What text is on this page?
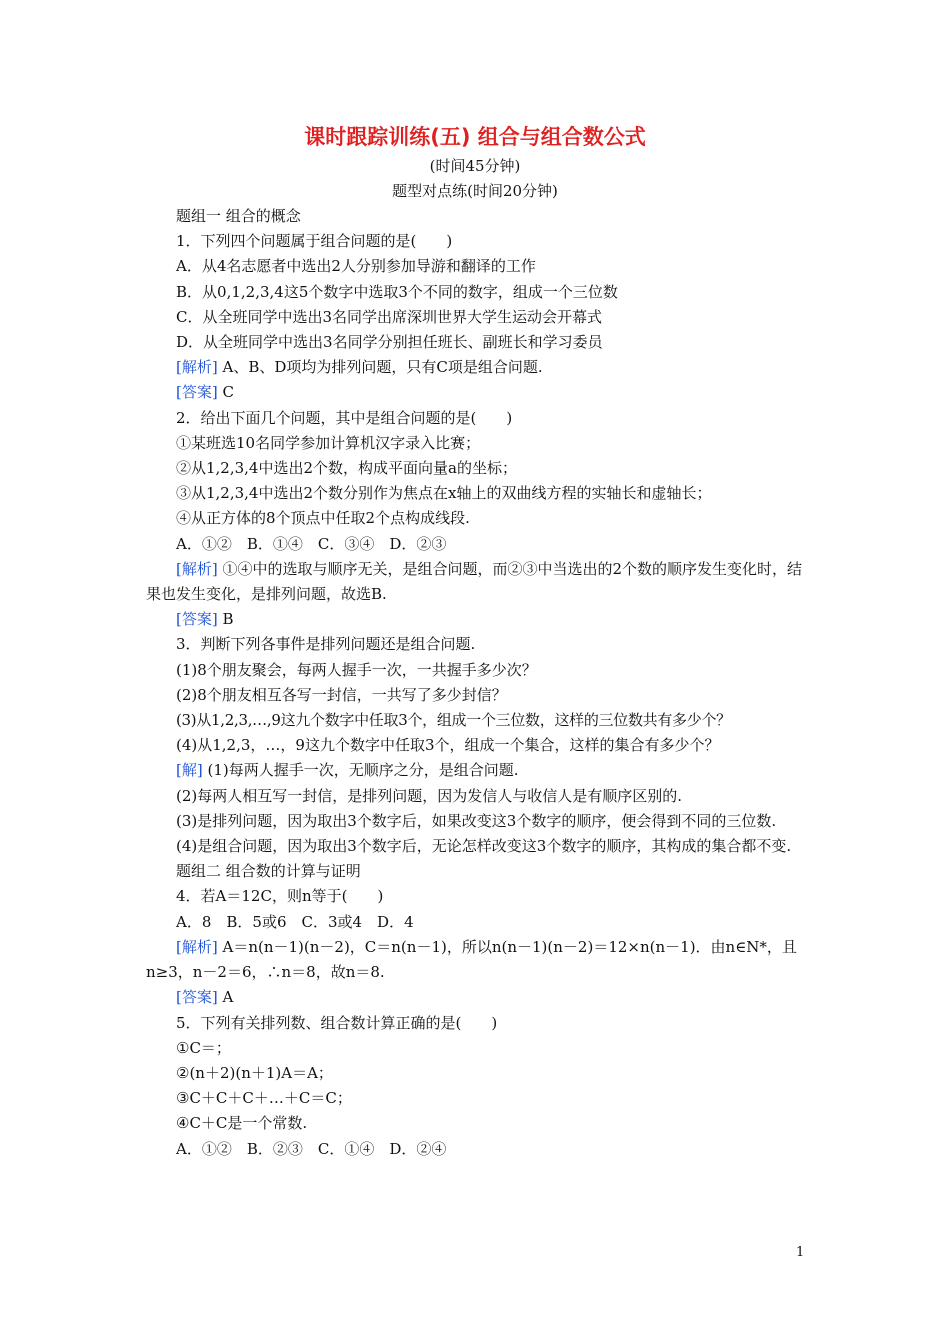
课时跟踪训练(五) 组合与组合数公式
(时间45分钟)
题型对点练(时间20分钟)
题组一 组合的概念
1．下列四个问题属于组合问题的是(　　)
A．从4名志愿者中选出2人分别参加导游和翻译的工作
B．从0,1,2,3,4这5个数字中选取3个不同的数字，组成一个三位数
C．从全班同学中选出3名同学出席深圳世界大学生运动会开幕式
D．从全班同学中选出3名同学分别担任班长、副班长和学习委员
[解析] A、B、D项均为排列问题，只有C项是组合问题.
[答案] C
2．给出下面几个问题，其中是组合问题的是(　　)
①某班选10名同学参加计算机汉字录入比赛；
②从1,2,3,4中选出2个数，构成平面向量a的坐标；
③从1,2,3,4中选出2个数分别作为焦点在x轴上的双曲线方程的实轴长和虚轴长；
④从正方体的8个顶点中任取2个点构成线段.
A．①②　B．①④　C．③④　D．②③
[解析] ①④中的选取与顺序无关，是组合问题，而②③中当选出的2个数的顺序发生变化时，结果也发生变化，是排列问题，故选B.
[答案] B
3．判断下列各事件是排列问题还是组合问题.
(1)8个朋友聚会，每两人握手一次，一共握手多少次？
(2)8个朋友相互各写一封信，一共写了多少封信？
(3)从1,2,3,…,9这九个数字中任取3个，组成一个三位数，这样的三位数共有多少个？
(4)从1,2,3，…，9这九个数字中任取3个，组成一个集合，这样的集合有多少个？
[解] (1)每两人握手一次，无顺序之分，是组合问题.
(2)每两人相互写一封信，是排列问题，因为发信人与收信人是有顺序区别的.
(3)是排列问题，因为取出3个数字后，如果改变这3个数字的顺序，便会得到不同的三位数.
(4)是组合问题，因为取出3个数字后，无论怎样改变这3个数字的顺序，其构成的集合都不变.
题组二 组合数的计算与证明
4．若A＝12C，则n等于(　　)
A．8　B．5或6　C．3或4　D．4
[解析] A＝n(n－1)(n－2)，C＝n(n－1)，所以n(n－1)(n－2)＝12×n(n－1)．由n∈N*，且n≥3，n－2＝6，∴n＝8，故n＝8.
[答案] A
5．下列有关排列数、组合数计算正确的是(　　)
①C＝；
②(n＋2)(n＋1)A＝A；
③C＋C＋C＋…＋C＝C；
④C＋C是一个常数.
A．①②　B．②③　C．①④　D．②④
1
